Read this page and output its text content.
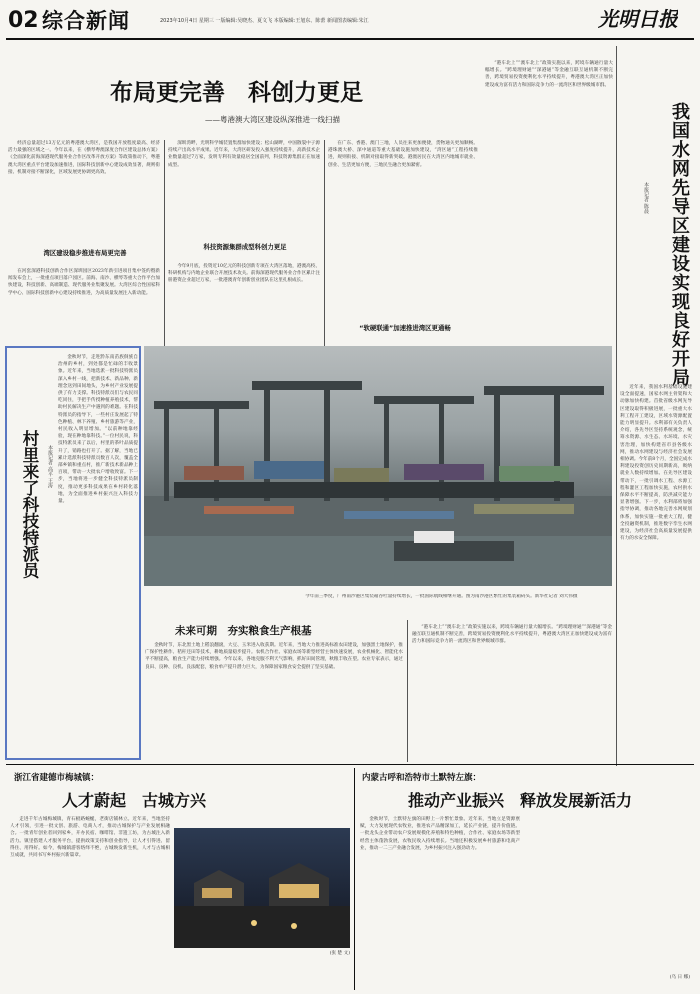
02 综合新闻	2023年10月4日 星期三 一版编辑:吴晓杰、夏文飞 本版编辑:王旭东、陈蕾 新闻图表编辑:朱江	光明日报
布局更完善　科创力更足
——粤港澳大湾区建设纵深推进一线扫描

经济总量超过13万亿元的粤港澳大湾区，是我国开放程度最高、经济活力最强的区域之一。今年以来，在《横琴粤澳深度合作区建设总体方案》《全面深化前海深港现代服务业合作区改革开放方案》等政策推动下，粤港澳大湾区重点平台建设加速推进，国际科技创新中心建设成效显著，规则衔接、机制对接不断深化，区域发展更协调更高效。

湾区建设稳步推进布局更完善

在河套深港科技创新合作区深圳园区2023年新引进项目集中签约暨新闻发布会上，一批重点项目落户园区。前海、南沙、横琴等重大合作平台加快建设，科技创新、高端制造、现代服务业集聚发展。大湾区综合性国家科学中心、国际科技创新中心建设持续推进，为高质量发展注入新动能。

深圳湾畔，光明科学城装置集群加快建设；松山湖畔，中国散裂中子源持续产出高水平成果。近年来，大湾区研发投入强度持续提升，高新技术企业数量超过7万家，发明专利有效量稳居全国前列，科技资源集群正在加速成型。

科技资源集群成型科创力更足

今年9月底，投资近10亿元的科技创新专项在大湾区落地，港澳高校、科研机构与内地企业联合开展技术攻关。前海深港现代服务业合作区累计注册港资企业超过万家，一批港澳青年创新创业团队在这里扎根成长。

在广东、香港、澳门三地，人员往来更加便捷，货物通关更加顺畅。港珠澳大桥、深中通道等重大基础设施加快建设，“湾区通”工程持续推进，规则衔接、机制对接取得新突破。港澳居民在大湾区内地城市就业、创业、生活更加方便，三地民生融合更加紧密。

“软硬联通”加速推进湾区更通畅

“港车北上”“澳车北上”政策实施以来，跨境车辆通行量大幅增长。“跨境理财通”“深港通”等金融互联互通机制不断完善，跨境贸易投资便利化水平持续提升，粤港澳大湾区正加快建设成为富有活力和国际竞争力的一流湾区和世界级城市群。

今年前三季度，广州南沙港区集装箱吞吐量持续增长，一批国际航线相继开通。图为南沙港区繁忙的集装箱码头。新华社记者 刘大伟摄
我国水网先导区建设实现良好开局
本报记者 陈晨

近年来，我国水利基础设施建设全面提速，国家水网主骨架和大动脉加快构建。首批省级水网先导区建设取得积极进展，一批重大水利工程开工建设，区域水资源配置能力明显提升。水利部有关负责人介绍，各先导区坚持系统观念，统筹水资源、水生态、水环境、水灾害治理，加快构建省市县各级水网，推动水网建设与经济社会发展相协调。今年前8个月，全国完成水利建设投资创历史同期新高，吸纳就业人数持续增加。在先导区建设带动下，一批引调水工程、水源工程和灌区工程加快实施，农村供水保障水平不断提高，防洪减灾能力显著增强。下一步，水利部将加强指导协调，推动各地完善水网规划体系，加快实施一批重大工程，健全投融资机制，推进数字孪生水网建设，为经济社会高质量发展提供有力的水安全保障。

村里来了科技特派员	本报记者 高平 王涛

金秋时节，走进黔东南苗族侗族自治州的乡村，到处都是忙碌的丰收景象。近年来，当地选派一批科技特派员深入乡村一线，把新技术、新品种、新理念送到田间地头，为乡村产业发展提供了有力支撑。科技特派员们与农民同吃同住，手把手传授种植养殖技术，帮助村民解决生产中遇到的难题。在科技特派员的指导下，一些村庄发展起了特色种植、林下养殖、乡村旅游等产业，村民收入明显增加。“以前种地靠经验，现在种地靠科技。”一位村民说，科技特派员来了以后，村里的茶叶品质提升了，销路也打开了。据了解，当地已累计选派科技特派员数百人次，覆盖全部乡镇和重点村，推广新技术新品种上百项，带动一大批农户增收致富。下一步，当地将进一步健全科技特派员制度，推动更多科技成果在乡村转化落地，为全面推进乡村振兴注入科技力量。

未来可期　夯实粮食生产根基

金秋时节，东北黑土地上稻浪翻滚，大豆、玉米进入收获期。近年来，当地大力推进高标准农田建设，加强黑土地保护，推广保护性耕作、秸秆还田等技术，耕地质量稳步提升。农机合作社、家庭农场等新型经营主体快速发展，农业机械化、智能化水平不断提高，粮食生产能力持续增强。今年以来，各地克服不利天气影响，抓好田间管理，秋粮丰收在望。农业专家表示，通过良田、良种、良机、良法配套，粮食单产提升潜力巨大，为保障国家粮食安全提供了坚实基础。

“港车北上”“澳车北上”政策实施以来，跨境车辆通行量大幅增长。“跨境理财通”“深港通”等金融互联互通机制不断完善，跨境贸易投资便利化水平持续提升，粤港澳大湾区正加快建设成为富有活力和国际竞争力的一流湾区和世界级城市群。

浙江省建德市梅城镇：
人才蔚起　古城方兴

走进千年古城梅城镇，青石板路蜿蜒，老街店铺林立。近年来，当地坚持人才引领，引进一批文创、旅游、电商人才，推动古城保护与产业发展相融合。一批青年创业者回到家乡，开办民宿、咖啡馆、非遗工坊，为古城注入新活力。镇里搭建人才服务平台，提供政策支持和创业指导，让人才引得进、留得住、用得好。如今，梅城镇游客络绎不绝，古城焕发新生机，人才与古城相互成就，共同书写乡村振兴新篇章。

(张 楚 文)
内蒙古呼和浩特市土默特左旗：
推动产业振兴　释放发展新活力

金秋时节，土默特左旗的田野上一片繁忙景象。近年来，当地立足资源禀赋，大力发展现代农牧业，推进农产品精深加工，延长产业链，提升价值链。一批龙头企业带动农户发展规模化养殖和特色种植，合作社、家庭农场等新型经营主体蓬勃发展，农牧民收入持续增长。当地还积极发展乡村旅游和电商产业，推动一二三产业融合发展，为乡村振兴注入强劲动力。

(乌 日 娜)
